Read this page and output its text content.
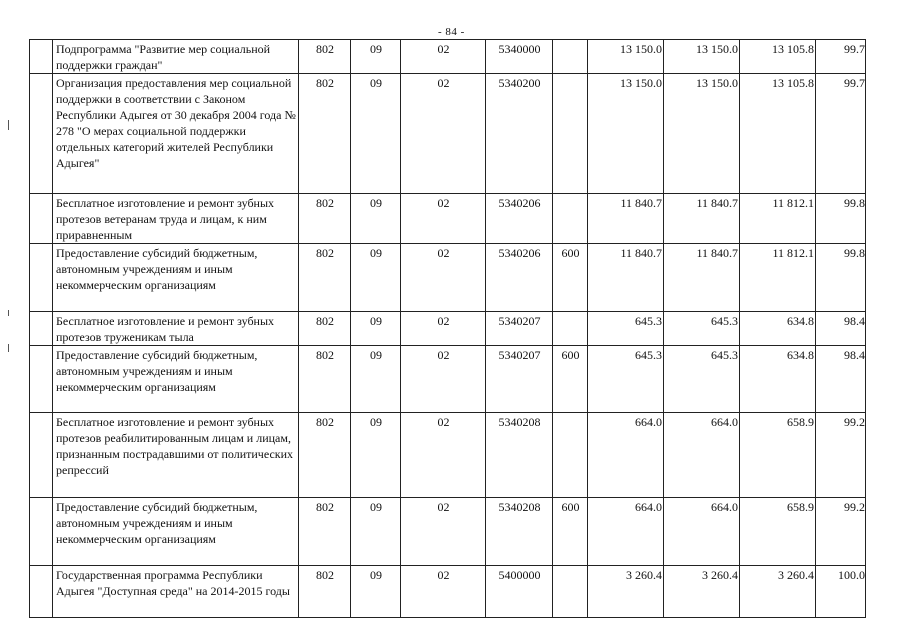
- 84 -
	Подпрограмма "Развитие мер социальной поддержки граждан"	802	09	02	5340000		13 150.0	13 150.0	13 105.8	99.7
	Организация предоставления мер социальной поддержки в соответствии с Законом Республики Адыгея от 30 декабря 2004 года № 278 "О мерах социальной поддержки отдельных категорий жителей Республики Адыгея"	802	09	02	5340200		13 150.0	13 150.0	13 105.8	99.7
	Бесплатное изготовление и ремонт зубных протезов ветеранам труда и лицам, к ним приравненным	802	09	02	5340206		11 840.7	11 840.7	11 812.1	99.8
	Предоставление субсидий бюджетным, автономным учреждениям и иным некоммерческим организациям	802	09	02	5340206	600	11 840.7	11 840.7	11 812.1	99.8
	Бесплатное изготовление и ремонт зубных протезов труженикам тыла	802	09	02	5340207		645.3	645.3	634.8	98.4
	Предоставление субсидий бюджетным, автономным учреждениям и иным некоммерческим организациям	802	09	02	5340207	600	645.3	645.3	634.8	98.4
	Бесплатное изготовление и ремонт зубных протезов реабилитированным лицам и лицам, признанным пострадавшими от политических репрессий	802	09	02	5340208		664.0	664.0	658.9	99.2
	Предоставление субсидий бюджетным, автономным учреждениям и иным некоммерческим организациям	802	09	02	5340208	600	664.0	664.0	658.9	99.2
	Государственная программа Республики Адыгея "Доступная среда" на 2014-2015 годы	802	09	02	5400000		3 260.4	3 260.4	3 260.4	100.0
